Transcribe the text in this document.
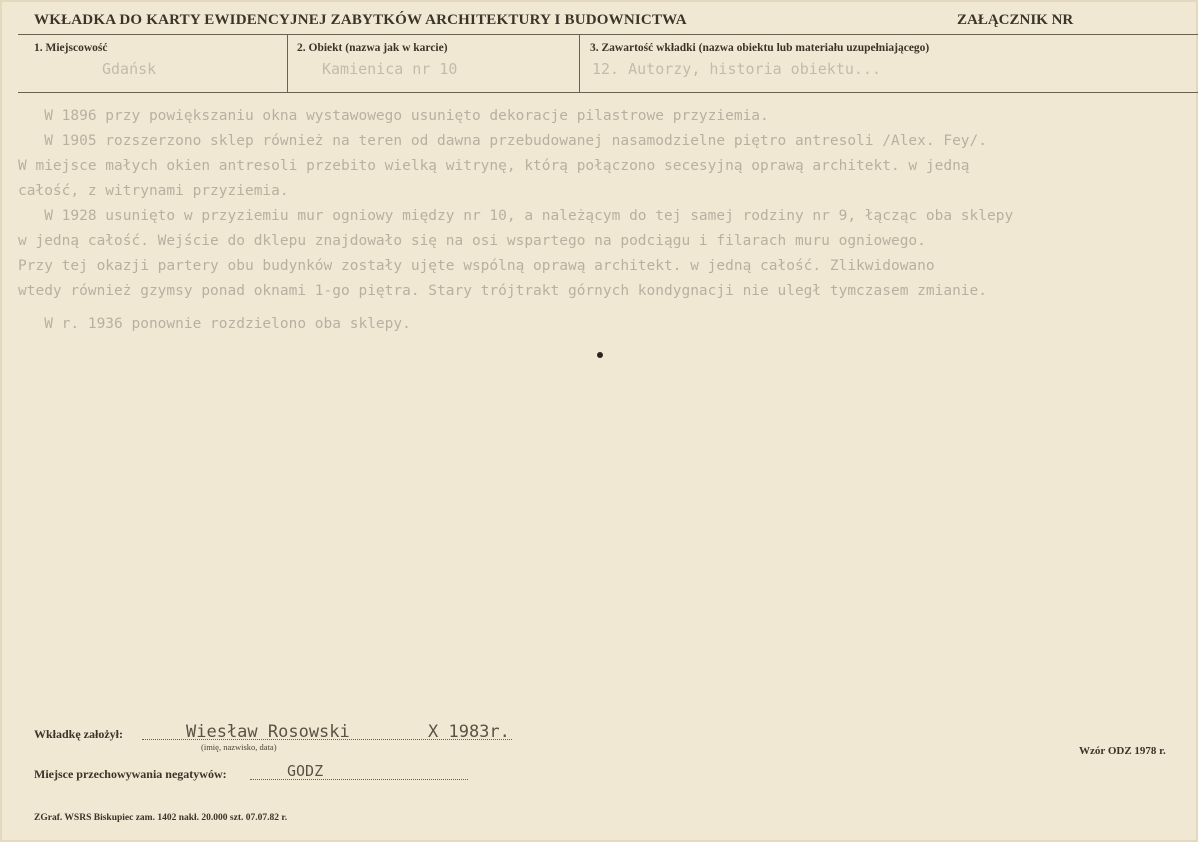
WKŁADKA DO KARTY EWIDENCYJNEJ ZABYTKÓW ARCHITEKTURY I BUDOWNICTWA	ZAŁĄCZNIK NR
1. Miejscowość
Gdańsk
2. Obiekt (nazwa jak w karcie)
Kamienica nr 10
3. Zawartość wkładki (nazwa obiektu lub materiału uzupełniającego)
12. Autorzy, historia obiektu...
W 1896 przy powiększaniu okna wystawowego usunięto dekoracje pilastrowe przyziemia.
W 1905 rozszerzono sklep również na teren od dawna przebudowanej nasamodzielne piętro antresoli /Alex. Fey/.
W miejsce małych okien antresoli przebito wielką witrynę, którą połączono secesyjną oprawą architekt. w jedną
całość, z witrynami przyziemia.
W 1928 usunięto w przyziemiu mur ogniowy między nr 10, a należącym do tej samej rodziny nr 9, łącząc oba sklepy
w jedną całość. Wejście do dklepu znajdowało się na osi wspartego na podciągu i filarach muru ogniowego.
Przy tej okazji partery obu budynków zostały ujęte wspólną oprawą architekt. w jedną całość. Zlikwidowano
wtedy również gzymsy ponad oknami 1-go piętra. Stary trójtrakt górnych kondygnacji nie uległ tymczasem zmianie.
W r. 1936 ponownie rozdzielono oba sklepy.
Wkładkę założył:	Wiesław Rosowski	X 1983r.
(imię, nazwisko, data)
Miejsce przechowywania negatywów:	GODZ
Wzór ODZ 1978 r.
ZGraf. WSRS Biskupiec zam. 1402 nakł. 20.000 szt. 07.07.82 r.
